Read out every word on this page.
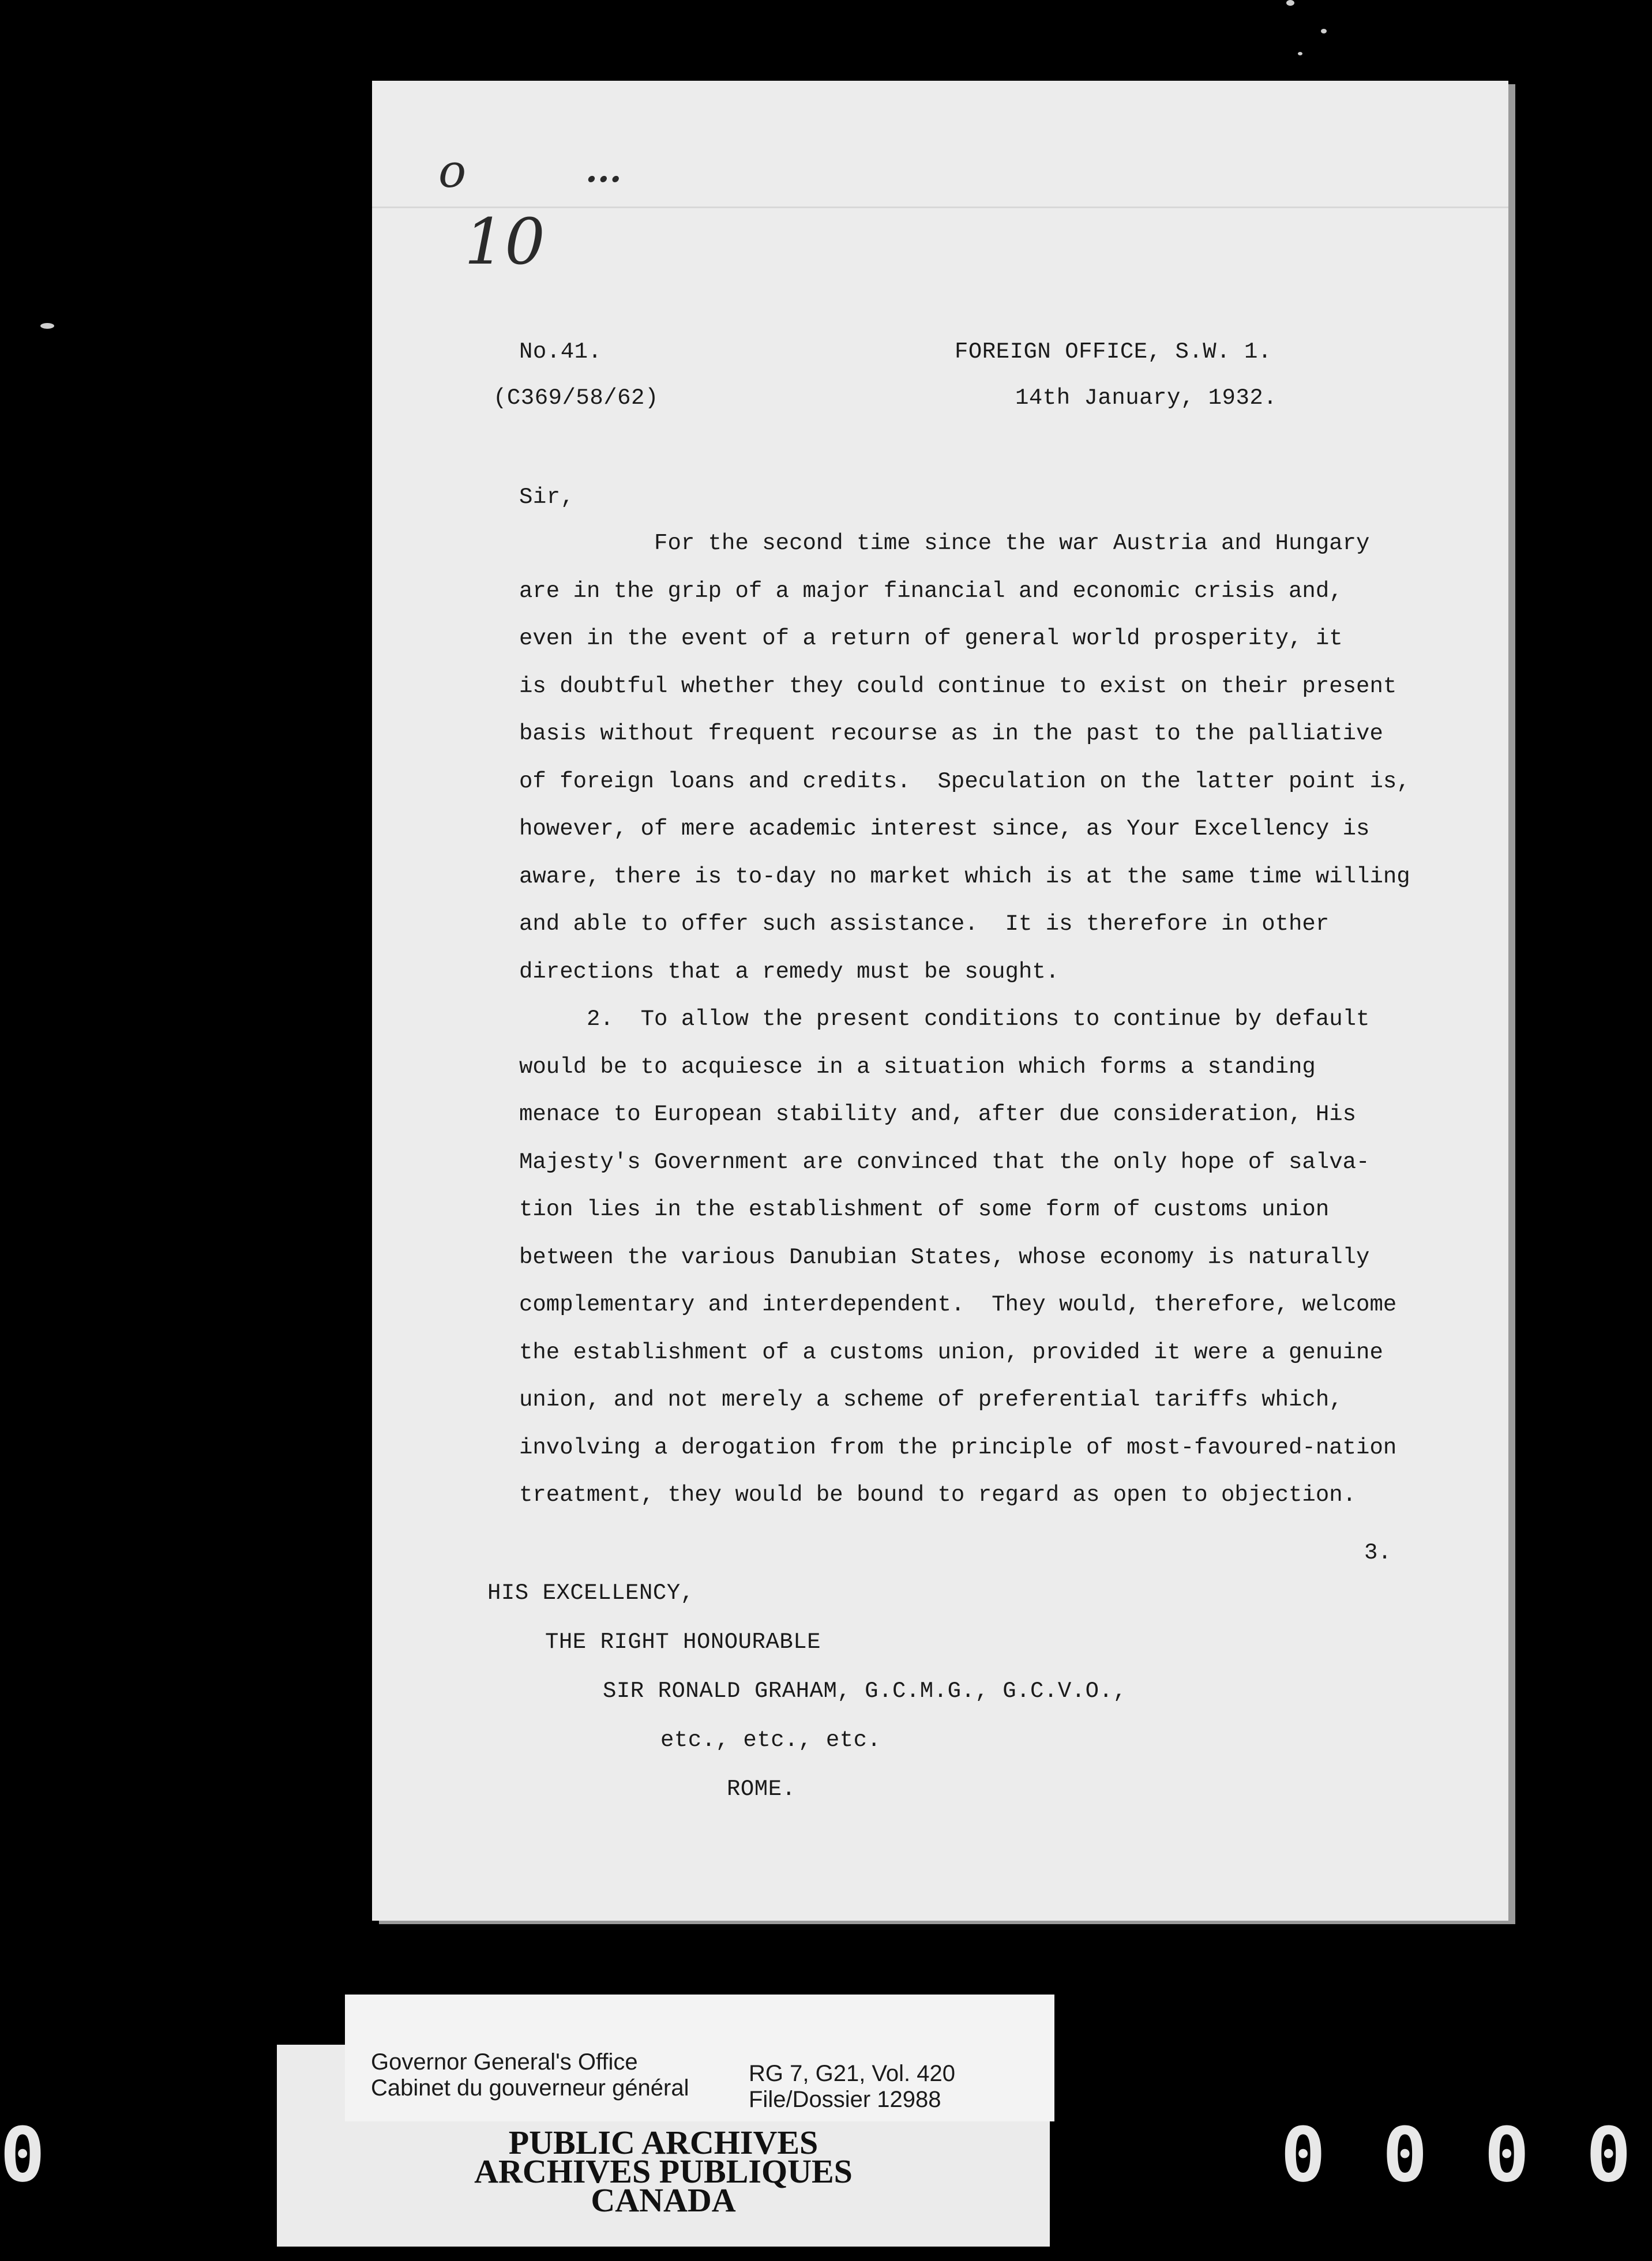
o	...
10
No.41.
(C369/58/62)
FOREIGN OFFICE, S.W. 1.
14th January, 1932.
Sir,
For the second time since the war Austria and Hungary
are in the grip of a major financial and economic crisis and,
even in the event of a return of general world prosperity, it
is doubtful whether they could continue to exist on their present
basis without frequent recourse as in the past to the palliative
of foreign loans and credits.  Speculation on the latter point is,
however, of mere academic interest since, as Your Excellency is
aware, there is to-day no market which is at the same time willing
and able to offer such assistance.  It is therefore in other
directions that a remedy must be sought.
2.  To allow the present conditions to continue by default
would be to acquiesce in a situation which forms a standing
menace to European stability and, after due consideration, His
Majesty's Government are convinced that the only hope of salva-
tion lies in the establishment of some form of customs union
between the various Danubian States, whose economy is naturally
complementary and interdependent.  They would, therefore, welcome
the establishment of a customs union, provided it were a genuine
union, and not merely a scheme of preferential tariffs which,
involving a derogation from the principle of most-favoured-nation
treatment, they would be bound to regard as open to objection.
3.
HIS EXCELLENCY,
THE RIGHT HONOURABLE
SIR RONALD GRAHAM, G.C.M.G., G.C.V.O.,
etc., etc., etc.
ROME.
PUBLIC ARCHIVES
ARCHIVES PUBLIQUES
CANADA
Governor General's Office
Cabinet du gouverneur général
RG 7, G21, Vol. 420
File/Dossier 12988
0	0 0 0 0
